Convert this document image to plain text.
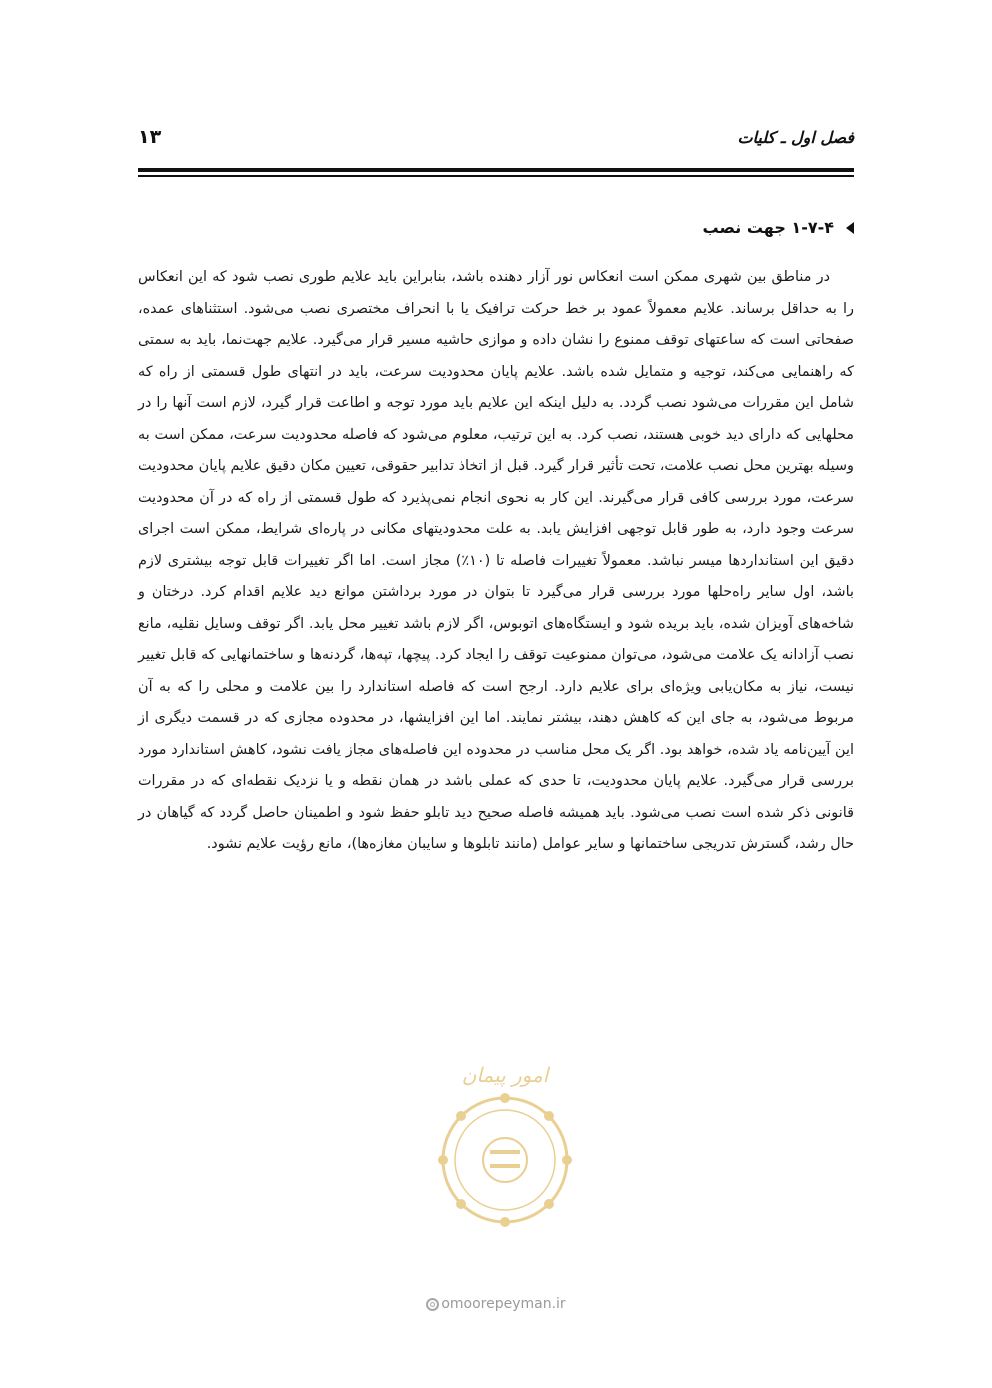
فصل اول ـ کلیات
۱۳
۱-۷-۴ جهت نصب

در مناطق بین شهری ممکن است انعکاس نور آزار دهنده باشد، بنابراین باید علایم طوری نصب شود که این انعکاس را به حداقل برساند. علایم معمولاً عمود بر خط حرکت ترافیک یا با انحراف مختصری نصب می‌شود. استثناهای عمده، صفحاتی است که ساعتهای توقف ممنوع را نشان داده و موازی حاشیه مسیر قرار می‌گیرد. علایم جهت‌نما، باید به سمتی که راهنمایی می‌کند، توجیه و متمایل شده باشد. علایم پایان محدودیت سرعت، باید در انتهای طول قسمتی از راه که شامل این مقررات می‌شود نصب گردد. به دلیل اینکه این علایم باید مورد توجه و اطاعت قرار گیرد، لازم است آنها را در محلهایی که دارای دید خوبی هستند، نصب کرد. به این ترتیب، معلوم می‌شود که فاصله محدودیت سرعت، ممکن است به وسیله بهترین محل نصب علامت، تحت تأثیر قرار گیرد. قبل از اتخاذ تدابیر حقوقی، تعیین مکان دقیق علایم پایان محدودیت سرعت، مورد بررسی کافی قرار می‌گیرند. این کار به نحوی انجام نمی‌پذیرد که طول قسمتی از راه که در آن محدودیت سرعت وجود دارد، به طور قابل توجهی افزایش یابد. به علت محدودیتهای مکانی در پاره‌ای شرایط، ممکن است اجرای دقیق این استانداردها میسر نباشد. معمولاً تغییرات فاصله تا (۱۰٪) مجاز است. اما اگر تغییرات قابل توجه بیشتری لازم باشد، اول سایر راه‌حلها مورد بررسی قرار می‌گیرد تا بتوان در مورد برداشتن موانع دید علایم اقدام کرد. درختان و شاخه‌های آویزان شده، باید بریده شود و ایستگاه‌های اتوبوس، اگر لازم باشد تغییر محل یابد. اگر توقف وسایل نقلیه، مانع نصب آزادانه یک علامت می‌شود، می‌توان ممنوعیت توقف را ایجاد کرد. پیچها، تپه‌ها، گردنه‌ها و ساختمانهایی که قابل تغییر نیست، نیاز به مکان‌یابی ویژه‌ای برای علایم دارد. ارجح است که فاصله استاندارد را بین علامت و محلی را که به آن مربوط می‌شود، به جای این که کاهش دهند، بیشتر نمایند. اما این افزایشها، در محدوده مجازی که در قسمت دیگری از این آیین‌نامه یاد شده، خواهد بود. اگر یک محل مناسب در محدوده این فاصله‌های مجاز یافت نشود، کاهش استاندارد مورد بررسی قرار می‌گیرد. علایم پایان محدودیت، تا حدی که عملی باشد در همان نقطه و یا نزدیک نقطه‌ای که در مقررات قانونی ذکر شده است نصب می‌شود. باید همیشه فاصله صحیح دید تابلو حفظ شود و اطمینان حاصل گردد که گیاهان در حال رشد، گسترش تدریجی ساختمانها و سایر عوامل (مانند تابلوها و سایبان مغازه‌ها)، مانع رؤیت علایم نشود.

امور پیمان
omoorepeyman.ir
